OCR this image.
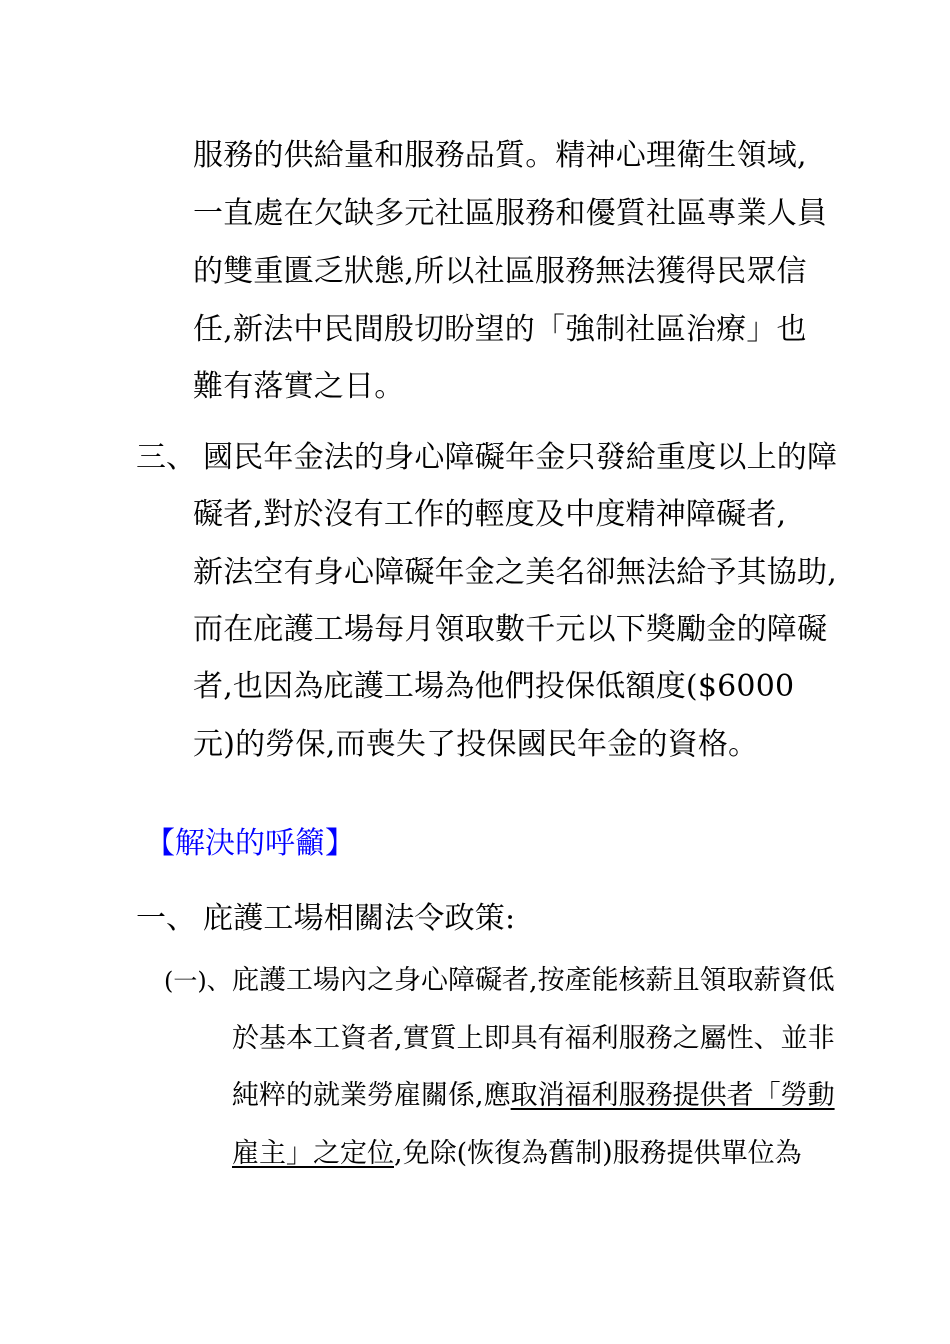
服務的供給量和服務品質。精神心理衛生領域,
一直處在欠缺多元社區服務和優質社區專業人員
的雙重匱乏狀態,所以社區服務無法獲得民眾信
任,新法中民間殷切盼望的「強制社區治療」也
難有落實之日。
三、 國民年金法的身心障礙年金只發給重度以上的障
礙者,對於沒有工作的輕度及中度精神障礙者,
新法空有身心障礙年金之美名卻無法給予其協助,
而在庇護工場每月領取數千元以下獎勵金的障礙
者,也因為庇護工場為他們投保低額度($6000
元)的勞保,而喪失了投保國民年金的資格。
【解決的呼籲】
一、 庇護工場相關法令政策:
(一)、 庇護工場內之身心障礙者,按產能核薪且領取薪資低
於基本工資者,實質上即具有福利服務之屬性、並非
純粹的就業勞雇關係,應取消福利服務提供者「勞動
雇主」之定位,免除(恢復為舊制)服務提供單位為
